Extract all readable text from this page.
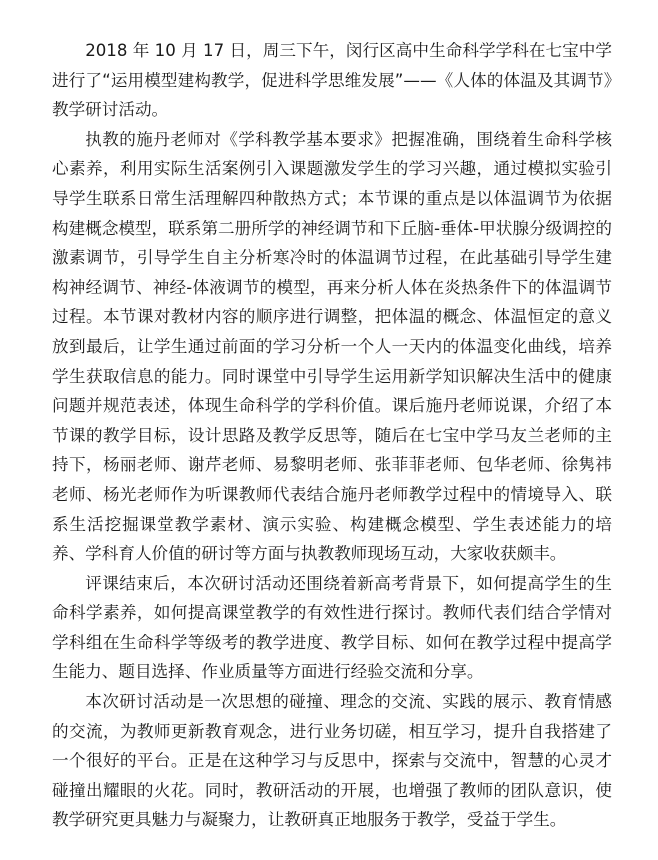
2018 年 10 月 17 日，周三下午，闵行区高中生命科学学科在七宝中学进行了“运用模型建构教学，促进科学思维发展”——《人体的体温及其调节》教学研讨活动。

执教的施丹老师对《学科教学基本要求》把握准确，围绕着生命科学核心素养，利用实际生活案例引入课题激发学生的学习兴趣，通过模拟实验引导学生联系日常生活理解四种散热方式；本节课的重点是以体温调节为依据构建概念模型，联系第二册所学的神经调节和下丘脑-垂体-甲状腺分级调控的激素调节，引导学生自主分析寒冷时的体温调节过程，在此基础引导学生建构神经调节、神经-体液调节的模型，再来分析人体在炎热条件下的体温调节过程。本节课对教材内容的顺序进行调整，把体温的概念、体温恒定的意义放到最后，让学生通过前面的学习分析一个人一天内的体温变化曲线，培养学生获取信息的能力。同时课堂中引导学生运用新学知识解决生活中的健康问题并规范表述，体现生命科学的学科价值。课后施丹老师说课，介绍了本节课的教学目标，设计思路及教学反思等，随后在七宝中学马友兰老师的主持下，杨丽老师、谢芹老师、易黎明老师、张菲菲老师、包华老师、徐隽祎老师、杨光老师作为听课教师代表结合施丹老师教学过程中的情境导入、联系生活挖掘课堂教学素材、演示实验、构建概念模型、学生表述能力的培养、学科育人价值的研讨等方面与执教教师现场互动，大家收获颇丰。

评课结束后，本次研讨活动还围绕着新高考背景下，如何提高学生的生命科学素养，如何提高课堂教学的有效性进行探讨。教师代表们结合学情对学科组在生命科学等级考的教学进度、教学目标、如何在教学过程中提高学生能力、题目选择、作业质量等方面进行经验交流和分享。

本次研讨活动是一次思想的碰撞、理念的交流、实践的展示、教育情感的交流，为教师更新教育观念，进行业务切磋，相互学习，提升自我搭建了一个很好的平台。正是在这种学习与反思中，探索与交流中，智慧的心灵才碰撞出耀眼的火花。同时，教研活动的开展，也增强了教师的团队意识，使教学研究更具魅力与凝聚力，让教研真正地服务于教学，受益于学生。
